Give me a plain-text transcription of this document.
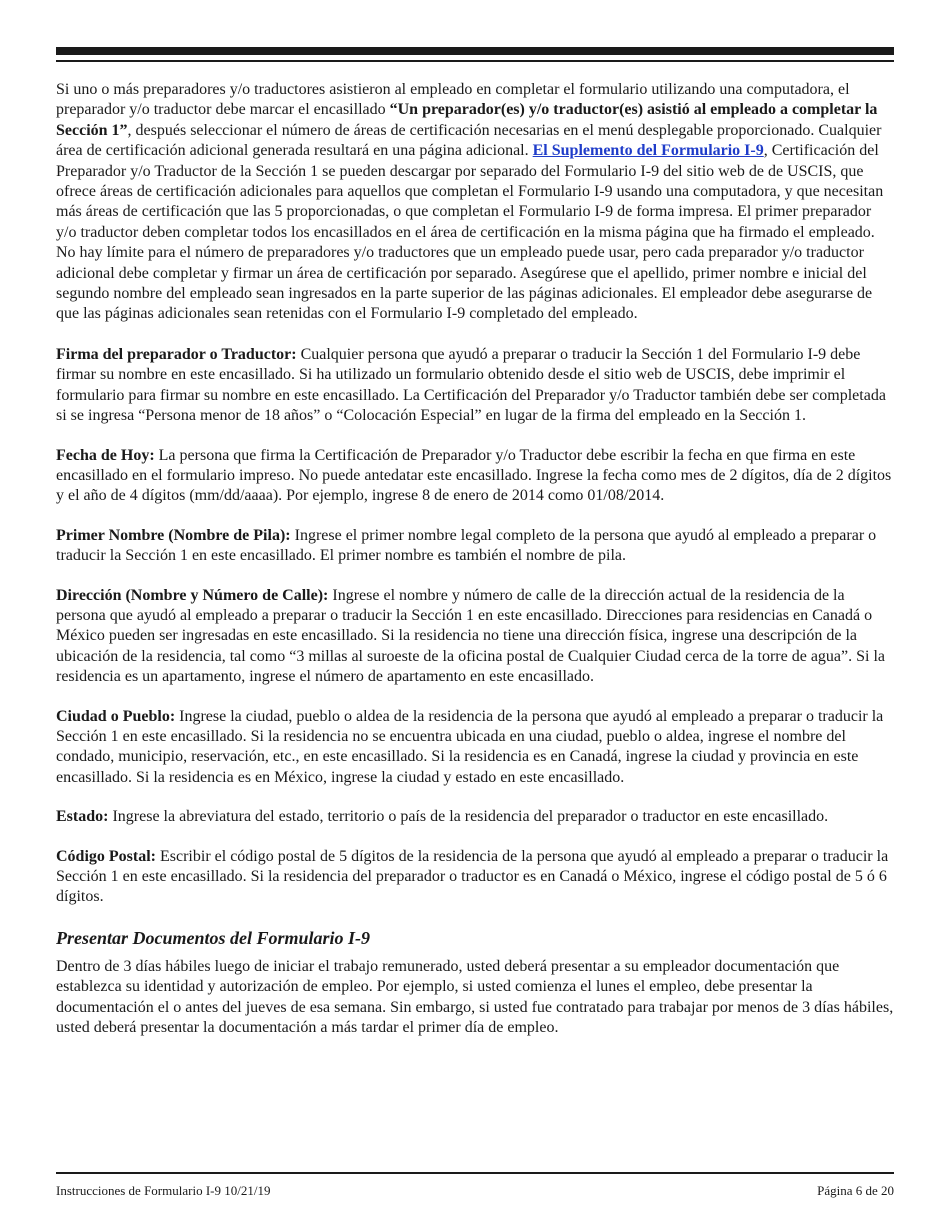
Si uno o más preparadores y/o traductores asistieron al empleado en completar el formulario utilizando una computadora, el preparador y/o traductor debe marcar el encasillado “Un preparador(es) y/o traductor(es) asistió al empleado a completar la Sección 1”, después seleccionar el número de áreas de certificación necesarias en el menú desplegable proporcionado. Cualquier área de certificación adicional generada resultará en una página adicional. El Suplemento del Formulario I-9, Certificación del Preparador y/o Traductor de la Sección 1 se pueden descargar por separado del Formulario I-9 del sitio web de de USCIS, que ofrece áreas de certificación adicionales para aquellos que completan el Formulario I-9 usando una computadora, y que necesitan más áreas de certificación que las 5 proporcionadas, o que completan el Formulario I-9 de forma impresa. El primer preparador y/o traductor deben completar todos los encasillados en el área de certificación en la misma página que ha firmado el empleado. No hay límite para el número de preparadores y/o traductores que un empleado puede usar, pero cada preparador y/o traductor adicional debe completar y firmar un área de certificación por separado. Asegúrese que el apellido, primer nombre e inicial del segundo nombre del empleado sean ingresados en la parte superior de las páginas adicionales. El empleador debe asegurarse de que las páginas adicionales sean retenidas con el Formulario I-9 completado del empleado.

Firma del preparador o Traductor: Cualquier persona que ayudó a preparar o traducir la Sección 1 del Formulario I-9 debe firmar su nombre en este encasillado. Si ha utilizado un formulario obtenido desde el sitio web de USCIS, debe imprimir el formulario para firmar su nombre en este encasillado. La Certificación del Preparador y/o Traductor también debe ser completada si se ingresa “Persona menor de 18 años” o “Colocación Especial” en lugar de la firma del empleado en la Sección 1.

Fecha de Hoy: La persona que firma la Certificación de Preparador y/o Traductor debe escribir la fecha en que firma en este encasillado en el formulario impreso. No puede antedatar este encasillado. Ingrese la fecha como mes de 2 dígitos, día de 2 dígitos y el año de 4 dígitos (mm/dd/aaaa). Por ejemplo, ingrese 8 de enero de 2014 como 01/08/2014.

Primer Nombre (Nombre de Pila): Ingrese el primer nombre legal completo de la persona que ayudó al empleado a preparar o traducir la Sección 1 en este encasillado. El primer nombre es también el nombre de pila.

Dirección (Nombre y Número de Calle): Ingrese el nombre y número de calle de la dirección actual de la residencia de la persona que ayudó al empleado a preparar o traducir la Sección 1 en este encasillado. Direcciones para residencias en Canadá o México pueden ser ingresadas en este encasillado. Si la residencia no tiene una dirección física, ingrese una descripción de la ubicación de la residencia, tal como “3 millas al suroeste de la oficina postal de Cualquier Ciudad cerca de la torre de agua”. Si la residencia es un apartamento, ingrese el número de apartamento en este encasillado.

Ciudad o Pueblo: Ingrese la ciudad, pueblo o aldea de la residencia de la persona que ayudó al empleado a preparar o traducir la Sección 1 en este encasillado. Si la residencia no se encuentra ubicada en una ciudad, pueblo o aldea, ingrese el nombre del condado, municipio, reservación, etc., en este encasillado. Si la residencia es en Canadá, ingrese la ciudad y provincia en este encasillado. Si la residencia es en México, ingrese la ciudad y estado en este encasillado.

Estado: Ingrese la abreviatura del estado, territorio o país de la residencia del preparador o traductor en este encasillado.

Código Postal: Escribir el código postal de 5 dígitos de la residencia de la persona que ayudó al empleado a preparar o traducir la Sección 1 en este encasillado. Si la residencia del preparador o traductor es en Canadá o México, ingrese el código postal de 5 ó 6 dígitos.

Presentar Documentos del Formulario I-9

Dentro de 3 días hábiles luego de iniciar el trabajo remunerado, usted deberá presentar a su empleador documentación que establezca su identidad y autorización de empleo. Por ejemplo, si usted comienza el lunes el empleo, debe presentar la documentación el o antes del jueves de esa semana. Sin embargo, si usted fue contratado para trabajar por menos de 3 días hábiles, usted deberá presentar la documentación a más tardar el primer día de empleo.

Instrucciones de Formulario I-9 10/21/19	Página 6 de 20
